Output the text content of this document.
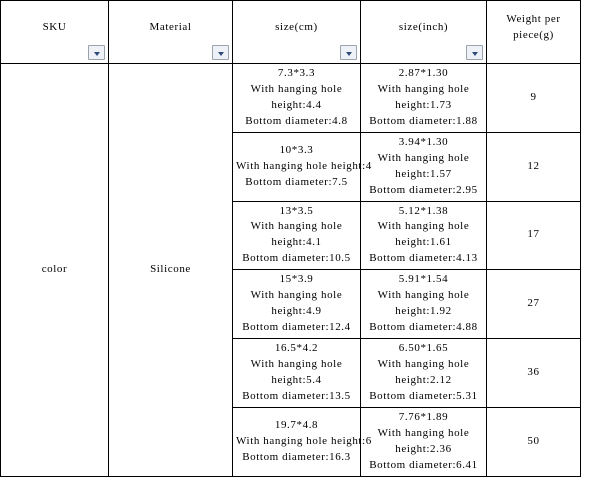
SKU	Material	size(cm)	size(inch)	Weight per piece(g)

color	Silicone	7.3*3.3
With hanging hole
height:4.4
Bottom diameter:4.8	2.87*1.30
With hanging hole
height:1.73
Bottom diameter:1.88	9

		10*3.3
With hanging hole height:4
Bottom diameter:7.5	3.94*1.30
With hanging hole
height:1.57
Bottom diameter:2.95	12

		13*3.5
With hanging hole
height:4.1
Bottom diameter:10.5	5.12*1.38
With hanging hole
height:1.61
Bottom diameter:4.13	17

		15*3.9
With hanging hole
height:4.9
Bottom diameter:12.4	5.91*1.54
With hanging hole
height:1.92
Bottom diameter:4.88	27

		16.5*4.2
With hanging hole
height:5.4
Bottom diameter:13.5	6.50*1.65
With hanging hole
height:2.12
Bottom diameter:5.31	36

		19.7*4.8
With hanging hole height:6
Bottom diameter:16.3	7.76*1.89
With hanging hole
height:2.36
Bottom diameter:6.41	50
